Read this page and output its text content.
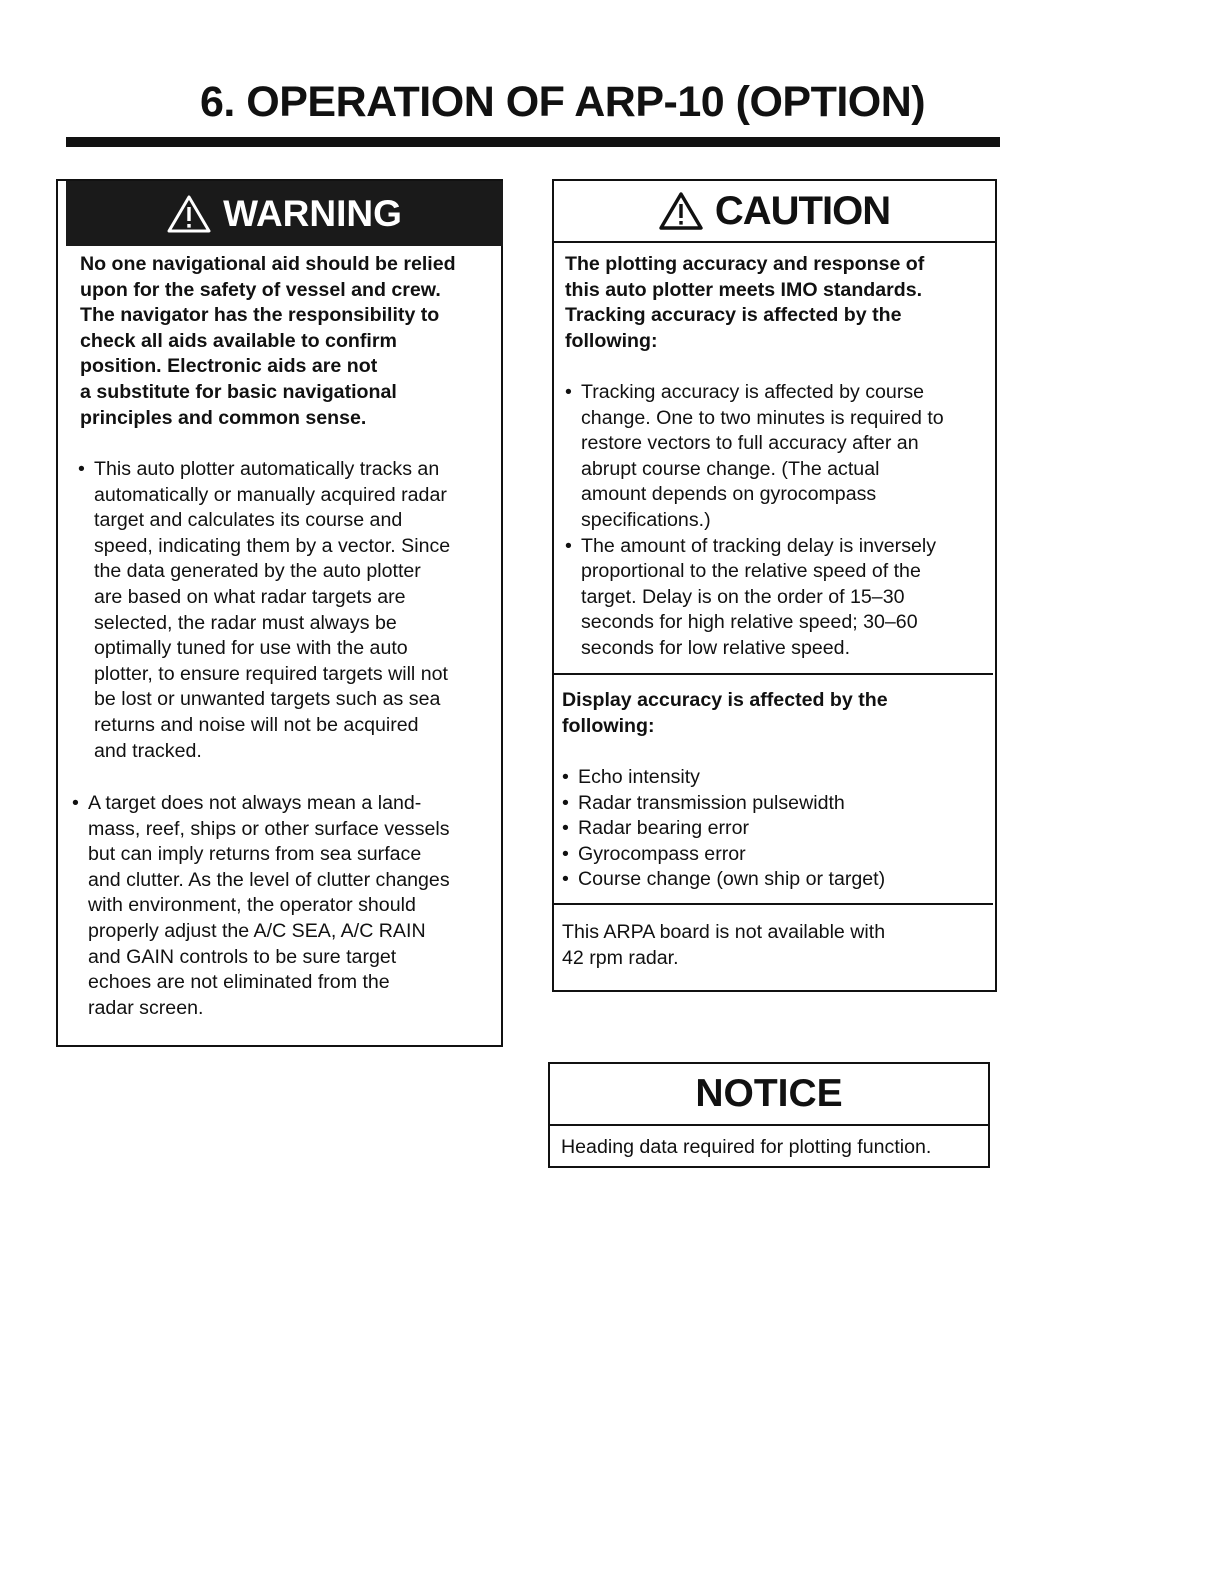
6. OPERATION OF ARP-10 (OPTION)
WARNING
No one navigational aid should be relied
upon for the safety of vessel and crew.
The navigator has the responsibility to
check all aids available to confirm
position. Electronic aids are not
a substitute for basic navigational
principles and common sense.
• This auto plotter automatically tracks an
automatically or manually acquired radar
target and calculates its course and
speed, indicating them by a vector. Since
the data generated by the auto plotter
are based on what radar targets are
selected, the radar must always be
optimally tuned for use with the auto
plotter, to ensure required targets will not
be lost or unwanted targets such as sea
returns and noise will not be acquired
and tracked.
• A target does not always mean a land-
mass, reef, ships or other surface vessels
but can imply returns from sea surface
and clutter. As the level of clutter changes
with environment, the operator should
properly adjust the A/C SEA, A/C RAIN
and GAIN controls to be sure target
echoes are not eliminated from the
radar screen.
CAUTION
The plotting accuracy and response of
this auto plotter meets IMO standards.
Tracking accuracy is affected by the
following:
• Tracking accuracy is affected by course
change. One to two minutes is required to
restore vectors to full accuracy after an
abrupt course change. (The actual
amount depends on gyrocompass
specifications.)
• The amount of tracking delay is inversely
proportional to the relative speed of the
target. Delay is on the order of 15–30
seconds for high relative speed; 30–60
seconds for low relative speed.
Display accuracy is affected by the
following:
• Echo intensity
• Radar transmission pulsewidth
• Radar bearing error
• Gyrocompass error
• Course change (own ship or target)
This ARPA board is not available with
42 rpm radar.
NOTICE
Heading data required for plotting function.
